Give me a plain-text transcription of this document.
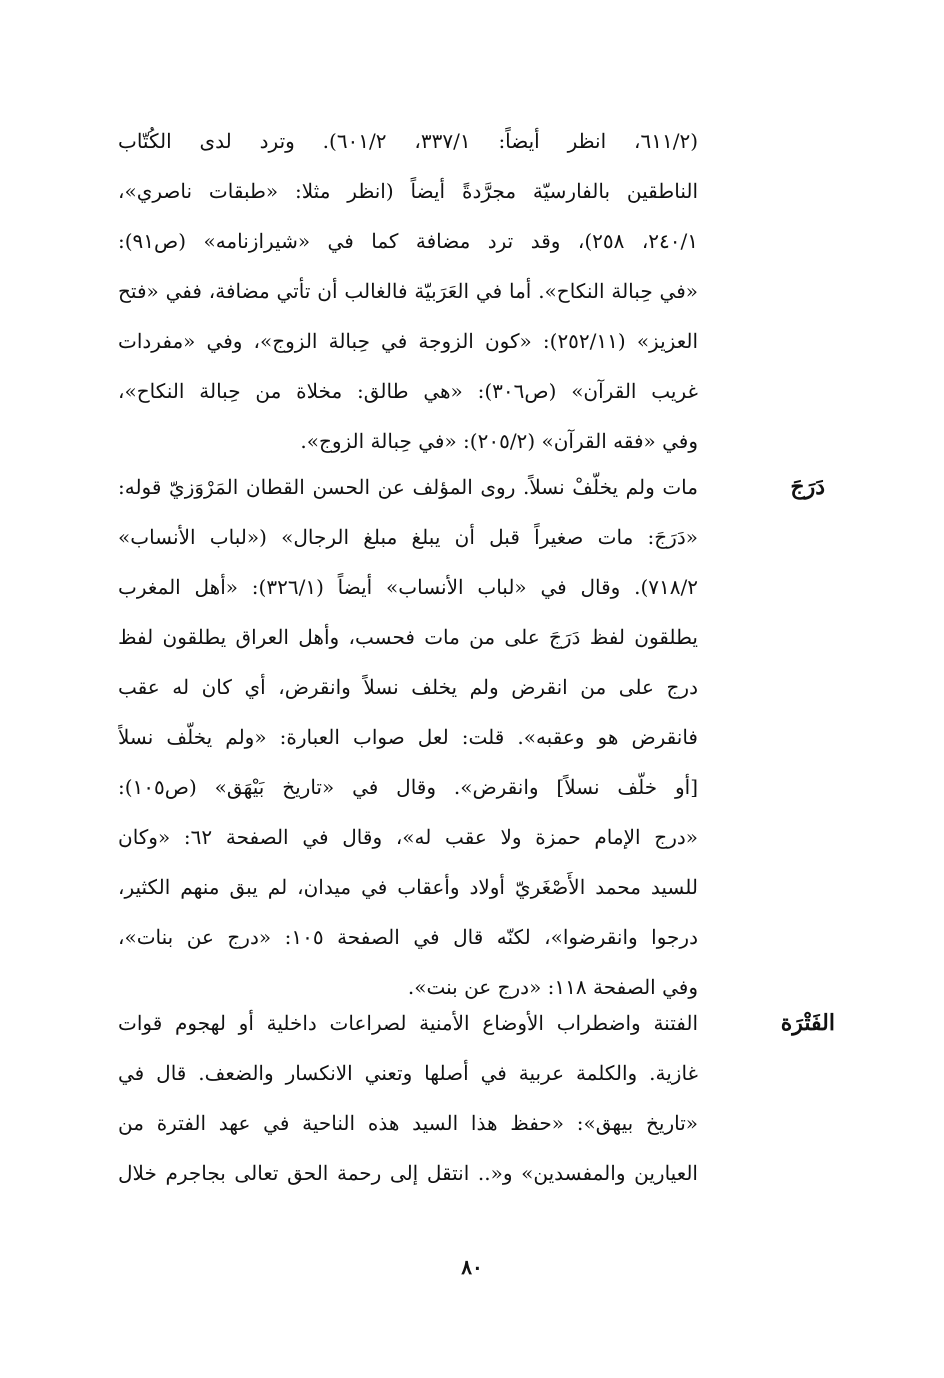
(٦١١/٢، انظر أيضاً: ٣٣٧/١، ٦٠١/٢). وترد لدى الكُتّاب
الناطقين بالفارسيّة مجرَّدةً أيضاً (انظر مثلا: «طبقات ناصري»،
٢٤٠/١، ٢٥٨)، وقد ترد مضافة كما في «شيرازنامه» (ص٩١):
«في حِبالة النكاح». أما في العَرَبيّة فالغالب أن تأتي مضافة، ففي «فتح
العزيز» (٢٥٢/١١): «كون الزوجة في حِبالة الزوج»، وفي «مفردات
غريب القرآن» (ص٣٠٦): «هي طالق: مخلاة من حِبالة النكاح»،
وفي «فقه القرآن» (٢٠٥/٢): «في حِبالة الزوج».
دَرَجَ
مات ولم يخلّفْ نسلاً. روى المؤلف عن الحسن القطان المَرْوَزيّ قوله:
«دَرَجَ: مات صغيراً قبل أن يبلغ مبلغ الرجال» («لباب الأنساب»
٧١٨/٢). وقال في «لباب الأنساب» أيضاً (٣٢٦/١): «أهل المغرب
يطلقون لفظ دَرَجَ على من مات فحسب، وأهل العراق يطلقون لفظ
درج على من انقرض ولم يخلف نسلاً وانقرض، أي كان له عقب
فانقرض هو وعقبه». قلت: لعل صواب العبارة: «ولم يخلّف نسلاً
[أو خلّف نسلاً] وانقرض». وقال في «تاريخ بَيْهَق» (ص١٠٥):
«درج الإمام حمزة ولا عقب له»، وقال في الصفحة ٦٢: «وكان
للسيد محمد الأَصْغَريّ أولاد وأعقاب في ميدان، لم يبق منهم الكثير،
درجوا وانقرضوا»، لكنّه قال في الصفحة ١٠٥: «درج عن بنات»،
وفي الصفحة ١١٨: «درج عن بنت».
الفَتْرَة
الفتنة واضطراب الأوضاع الأمنية لصراعات داخلية أو لهجوم قوات
غازية. والكلمة عربية في أصلها وتعني الانكسار والضعف. قال في
«تاريخ بيهق»: «حفظ هذا السيد هذه الناحية في عهد الفترة من
العيارين والمفسدين» و«.. انتقل إلى رحمة الحق تعالى بجاجرم خلال
٨٠
